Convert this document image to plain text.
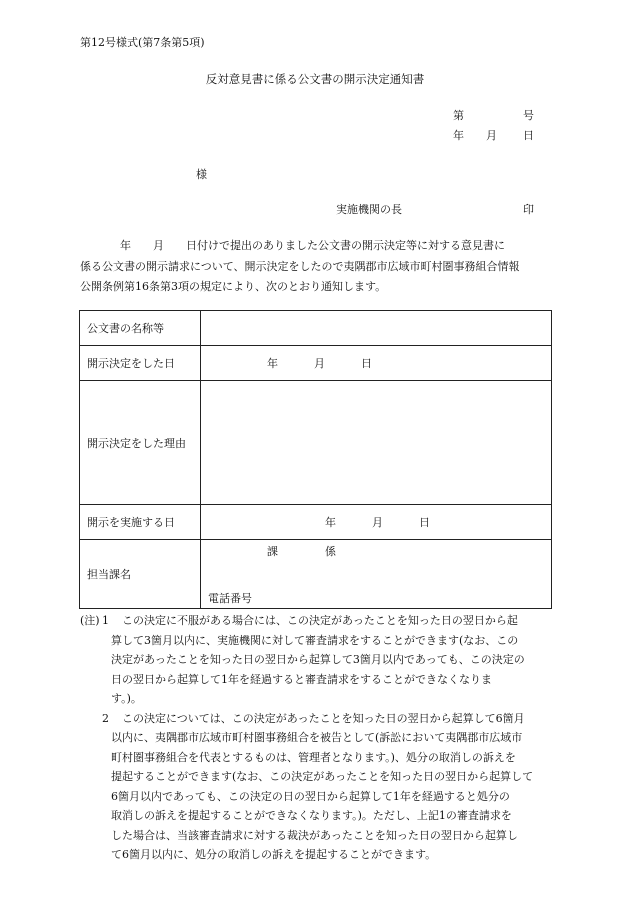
第12号様式(第7条第5項)
反対意見書に係る公文書の開示決定通知書
第	号
年 月 日
様
実施機関の長	印
年　　月　　日付けで提出のありました公文書の開示決定等に対する意見書に
係る公文書の開示請求について、開示決定をしたので夷隅郡市広域市町村圏事務組合情報
公開条例第16条第3項の規定により、次のとおり通知します。
公文書の名称等	
開示決定をした日	年 月 日

開示決定をした理由	
開示を実施する日	年 月 日

担当課名	課 係
電話番号
(注) 1 この決定に不服がある場合には、この決定があったことを知った日の翌日から起
算して3箇月以内に、実施機関に対して審査請求をすることができます(なお、この
決定があったことを知った日の翌日から起算して3箇月以内であっても、この決定の
日の翌日から起算して1年を経過すると審査請求をすることができなくなりま
す。)。
2 この決定については、この決定があったことを知った日の翌日から起算して6箇月
以内に、夷隅郡市広域市町村圏事務組合を被告として(訴訟において夷隅郡市広域市
町村圏事務組合を代表とするものは、管理者となります。)、処分の取消しの訴えを
提起することができます(なお、この決定があったことを知った日の翌日から起算して
6箇月以内であっても、この決定の日の翌日から起算して1年を経過すると処分の
取消しの訴えを提起することができなくなります。)。ただし、上記1の審査請求を
した場合は、当該審査請求に対する裁決があったことを知った日の翌日から起算し
て6箇月以内に、処分の取消しの訴えを提起することができます。
